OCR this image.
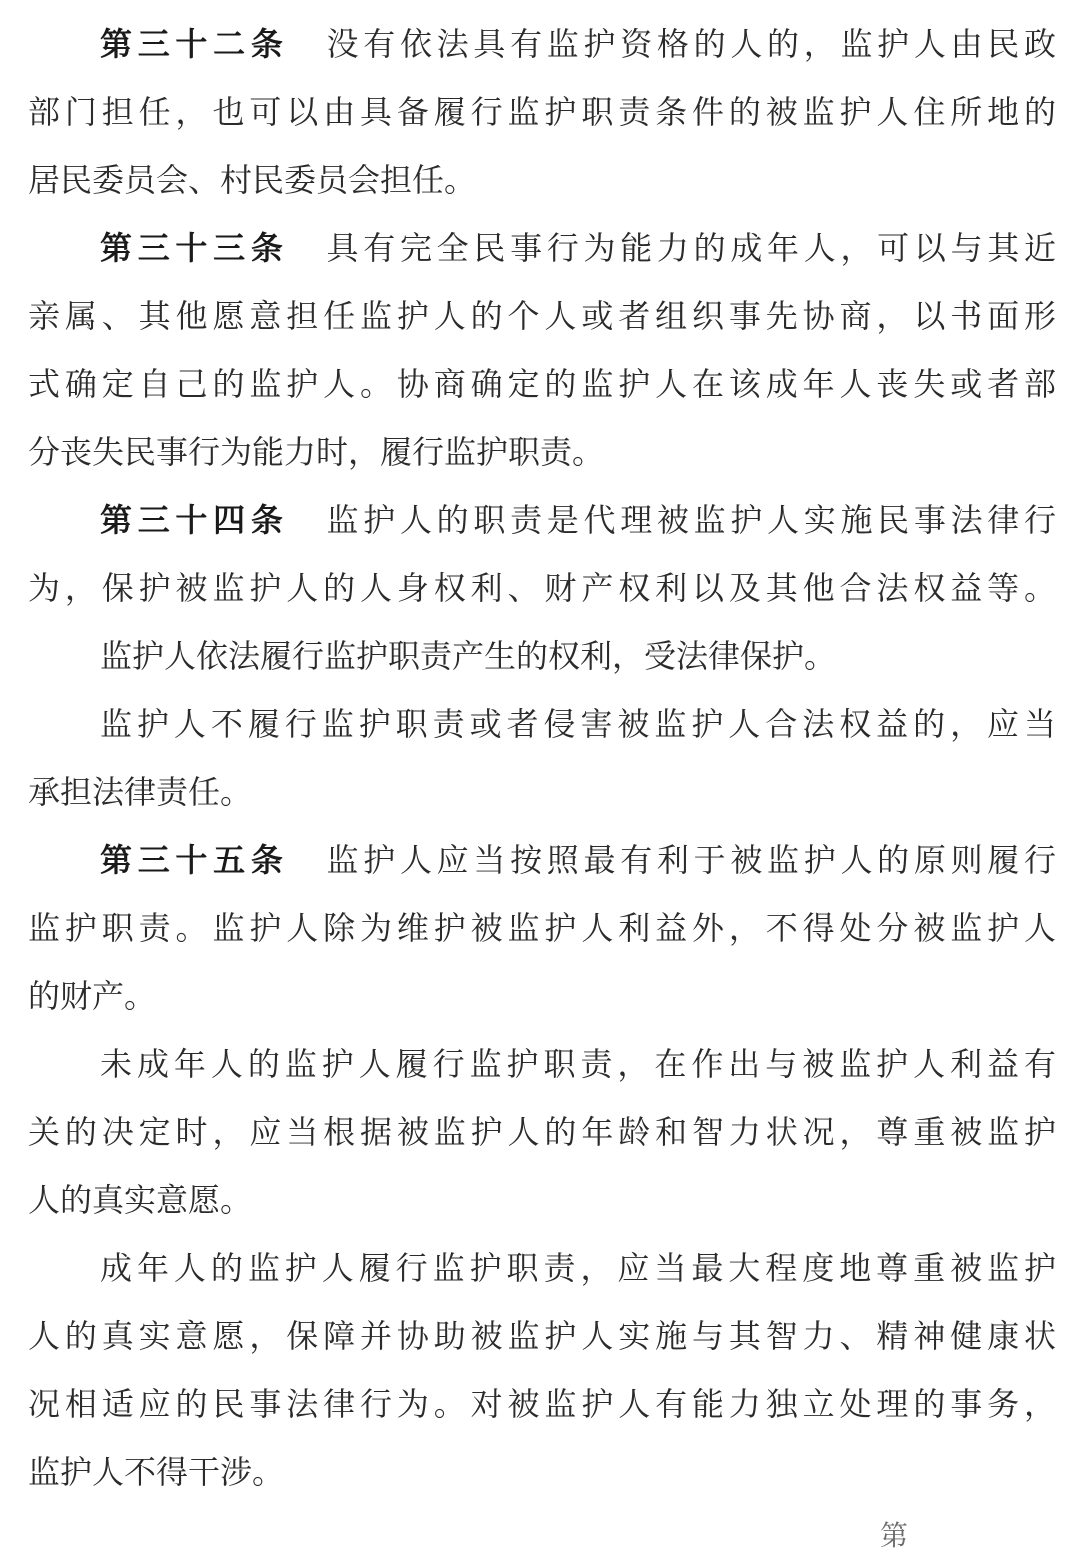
第三十二条 没有依法具有监护资格的人的，监护人由民政
部门担任，也可以由具备履行监护职责条件的被监护人住所地的
居民委员会、村民委员会担任。
第三十三条 具有完全民事行为能力的成年人，可以与其近
亲属、其他愿意担任监护人的个人或者组织事先协商，以书面形
式确定自己的监护人。协商确定的监护人在该成年人丧失或者部
分丧失民事行为能力时，履行监护职责。
第三十四条 监护人的职责是代理被监护人实施民事法律行
为，保护被监护人的人身权利、财产权利以及其他合法权益等。
监护人依法履行监护职责产生的权利，受法律保护。
监护人不履行监护职责或者侵害被监护人合法权益的，应当
承担法律责任。
第三十五条 监护人应当按照最有利于被监护人的原则履行
监护职责。监护人除为维护被监护人利益外，不得处分被监护人
的财产。
未成年人的监护人履行监护职责，在作出与被监护人利益有
关的决定时，应当根据被监护人的年龄和智力状况，尊重被监护
人的真实意愿。
成年人的监护人履行监护职责，应当最大程度地尊重被监护
人的真实意愿，保障并协助被监护人实施与其智力、精神健康状
况相适应的民事法律行为。对被监护人有能力独立处理的事务，
监护人不得干涉。
第
